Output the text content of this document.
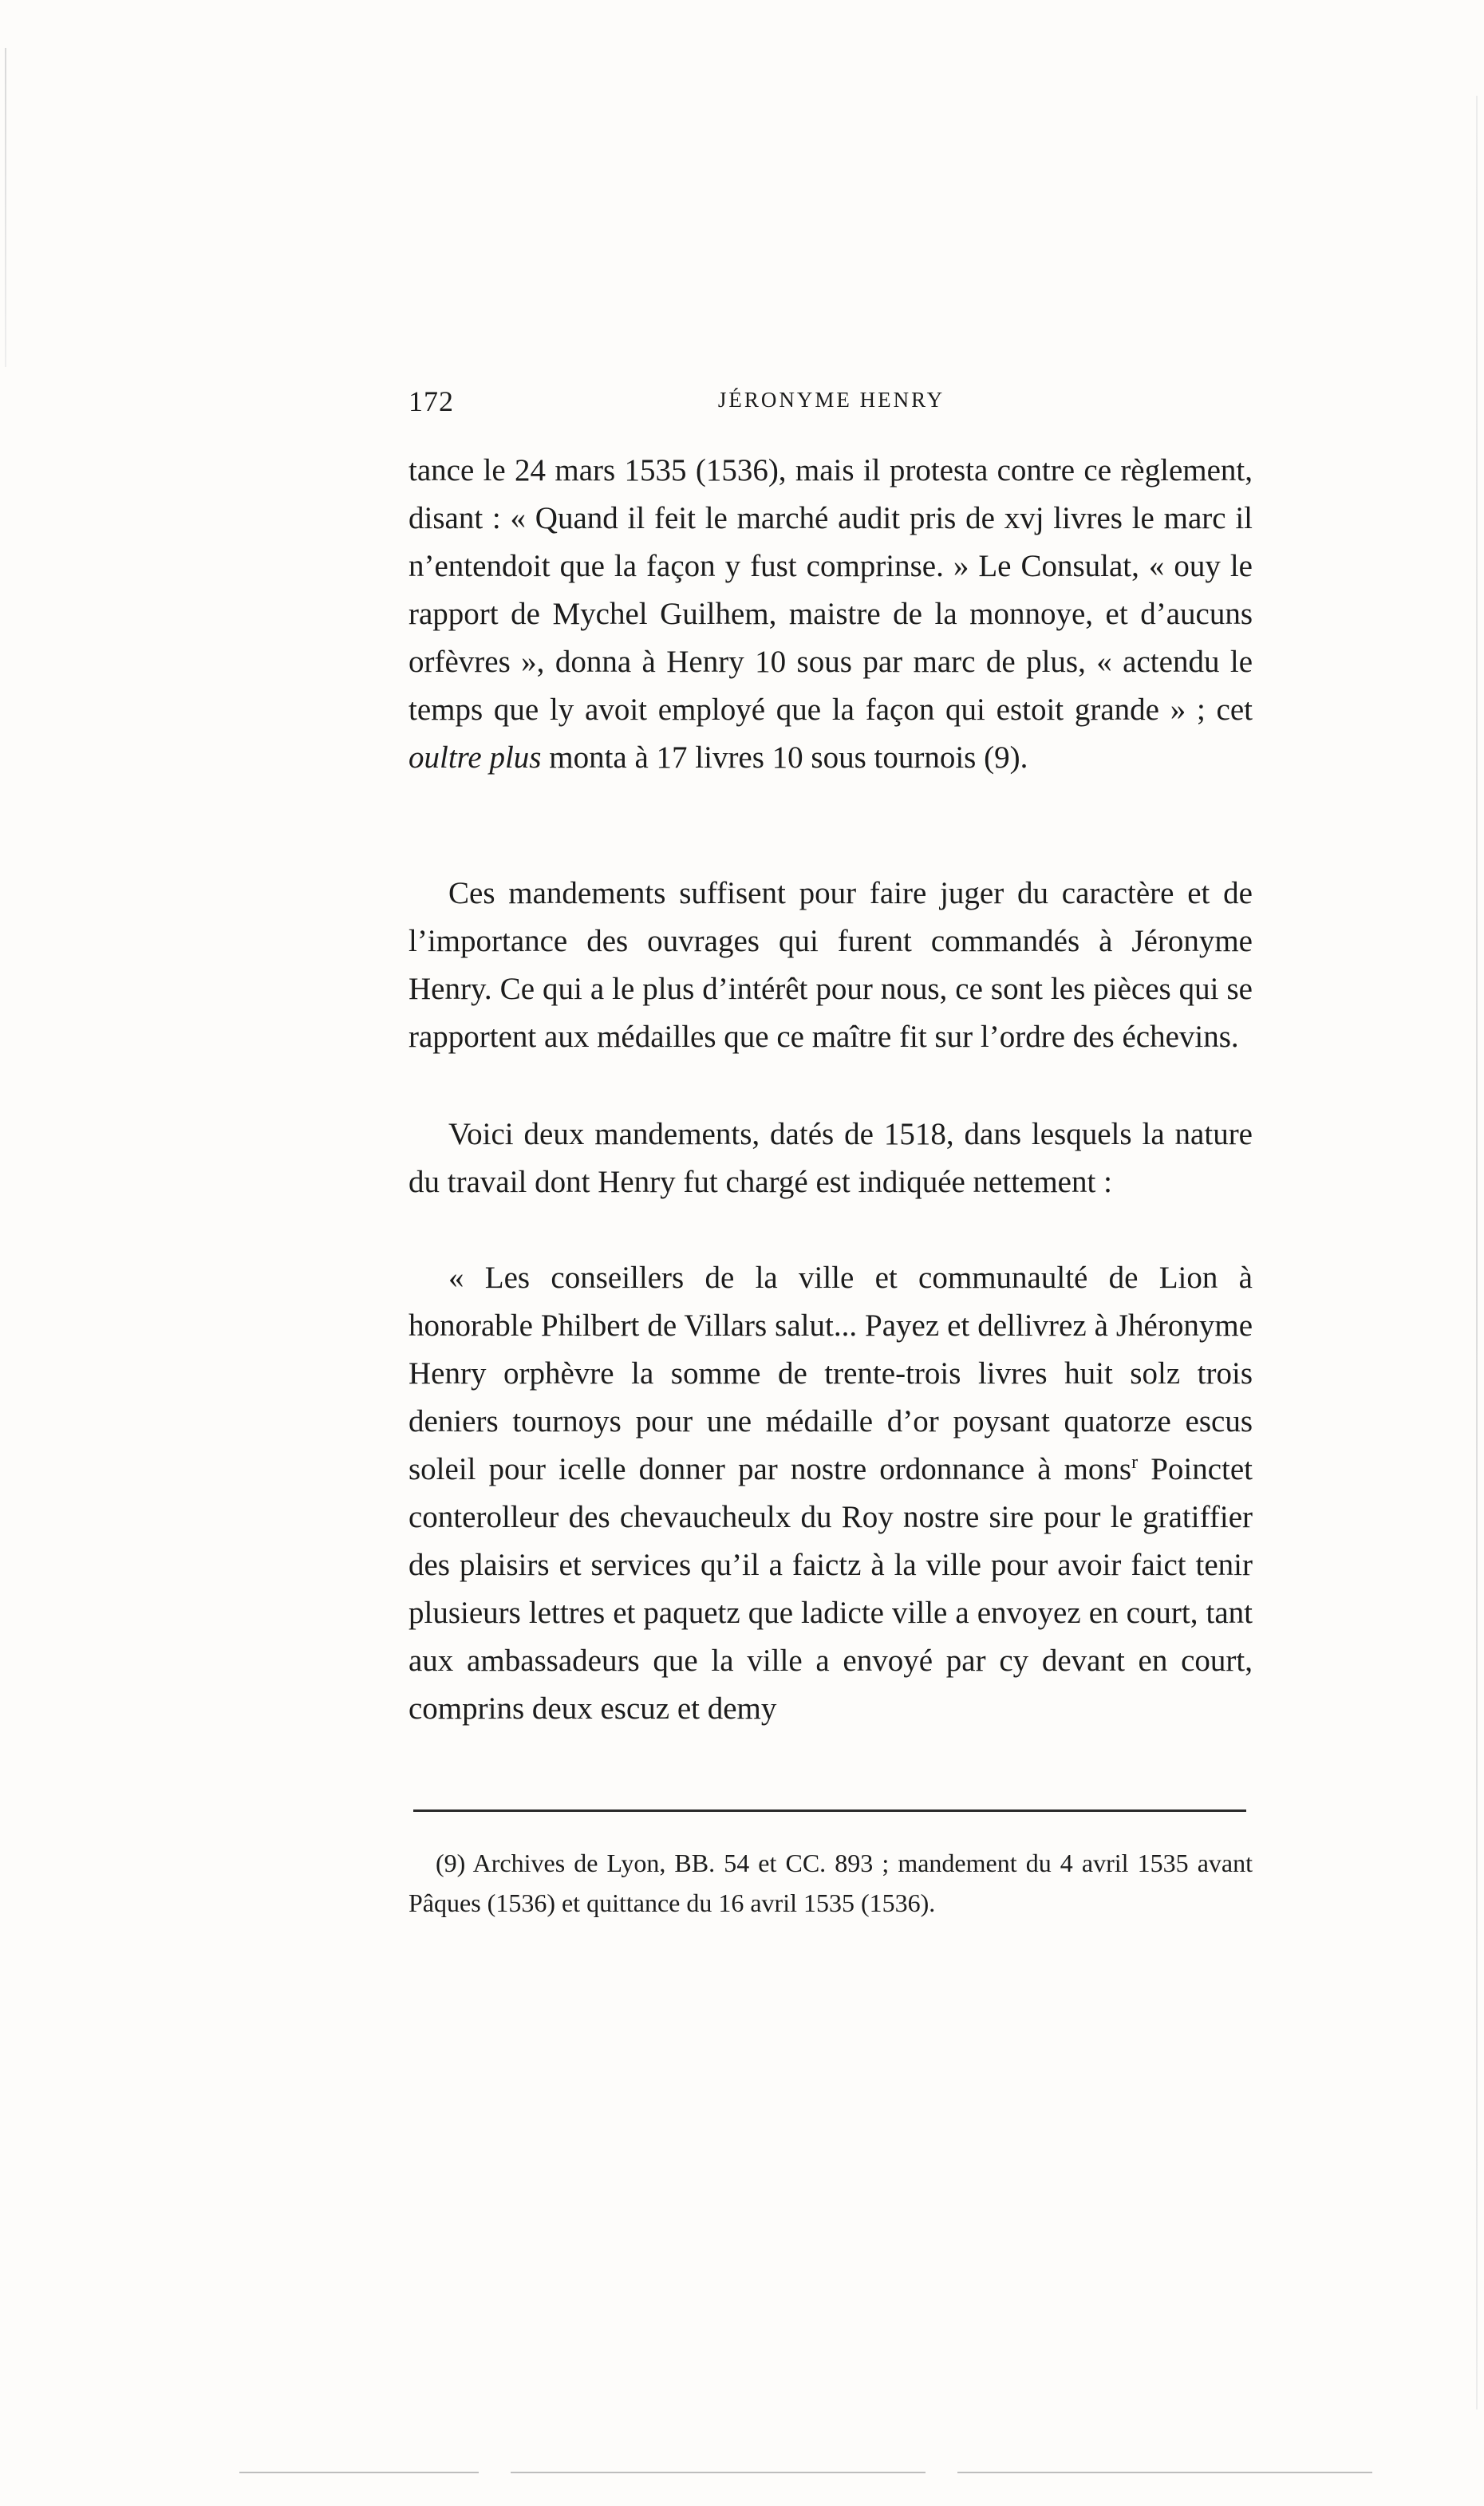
172	JÉRONYME HENRY

tance le 24 mars 1535 (1536), mais il protesta contre ce règlement, disant : « Quand il feit le marché audit pris de xvj livres le marc il n’entendoit que la façon y fust comprinse. » Le Consulat, « ouy le rapport de Mychel Guilhem, maistre de la monnoye, et d’aucuns orfèvres », donna à Henry 10 sous par marc de plus, « actendu le temps que ly avoit employé que la façon qui estoit grande » ; cet oultre plus monta à 17 livres 10 sous tournois (9).

Ces mandements suffisent pour faire juger du caractère et de l’importance des ouvrages qui furent commandés à Jéronyme Henry. Ce qui a le plus d’intérêt pour nous, ce sont les pièces qui se rapportent aux médailles que ce maître fit sur l’ordre des échevins.

Voici deux mandements, datés de 1518, dans lesquels la nature du travail dont Henry fut chargé est indiquée nettement :

« Les conseillers de la ville et communaulté de Lion à honorable Philbert de Villars salut... Payez et dellivrez à Jhéronyme Henry orphèvre la somme de trente-trois livres huit solz trois deniers tournoys pour une médaille d’or poysant quatorze escus soleil pour icelle donner par nostre ordonnance à mons$^r$ Poinctet conterolleur des chevaucheulx du Roy nostre sire pour le gratiffier des plaisirs et services qu’il a faictz à la ville pour avoir faict tenir plusieurs lettres et paquetz que ladicte ville a envoyez en court, tant aux ambassadeurs que la ville a envoyé par cy devant en court, comprins deux escuz et demy

(9) Archives de Lyon, BB. 54 et CC. 893 ; mandement du 4 avril 1535 avant Pâques (1536) et quittance du 16 avril 1535 (1536).
